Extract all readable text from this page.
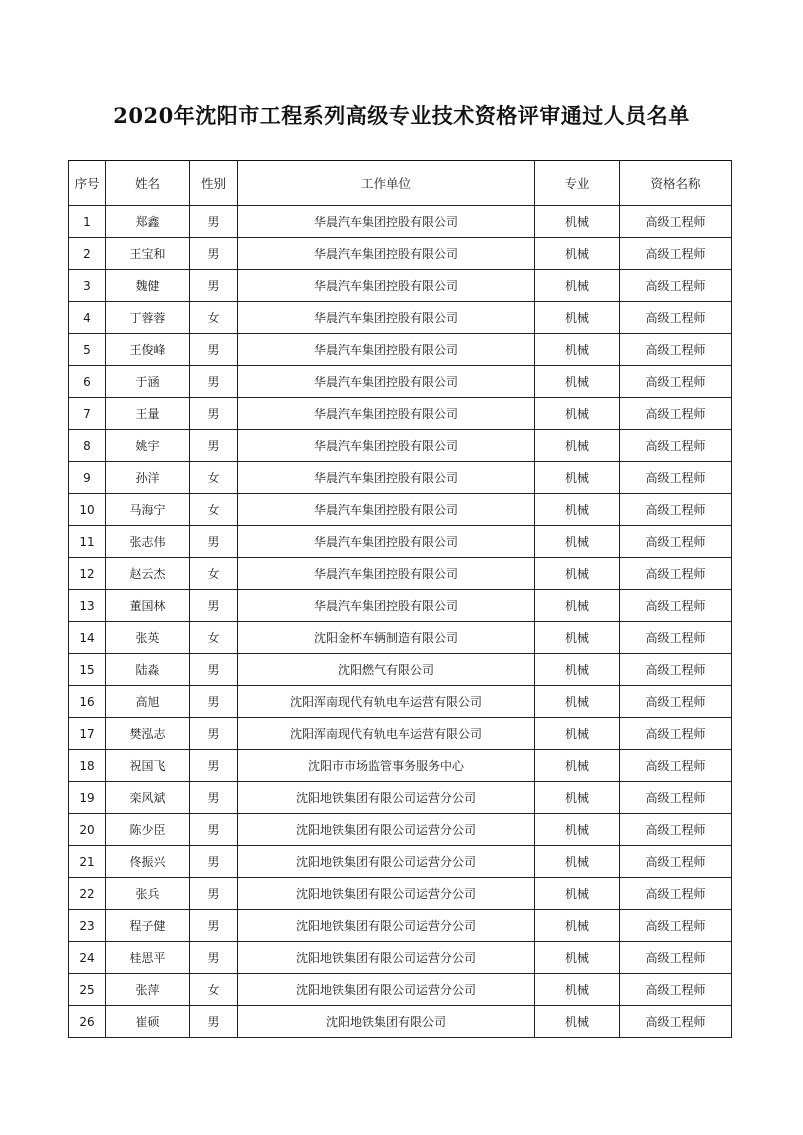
2020年沈阳市工程系列高级专业技术资格评审通过人员名单
序号	姓名	性别	工作单位	专业	资格名称
1	郑鑫	男	华晨汽车集团控股有限公司	机械	高级工程师
2	王宝和	男	华晨汽车集团控股有限公司	机械	高级工程师
3	魏健	男	华晨汽车集团控股有限公司	机械	高级工程师
4	丁蓉蓉	女	华晨汽车集团控股有限公司	机械	高级工程师
5	王俊峰	男	华晨汽车集团控股有限公司	机械	高级工程师
6	于涵	男	华晨汽车集团控股有限公司	机械	高级工程师
7	王量	男	华晨汽车集团控股有限公司	机械	高级工程师
8	姚宇	男	华晨汽车集团控股有限公司	机械	高级工程师
9	孙洋	女	华晨汽车集团控股有限公司	机械	高级工程师
10	马海宁	女	华晨汽车集团控股有限公司	机械	高级工程师
11	张志伟	男	华晨汽车集团控股有限公司	机械	高级工程师
12	赵云杰	女	华晨汽车集团控股有限公司	机械	高级工程师
13	董国林	男	华晨汽车集团控股有限公司	机械	高级工程师
14	张英	女	沈阳金杯车辆制造有限公司	机械	高级工程师
15	陆淼	男	沈阳燃气有限公司	机械	高级工程师
16	高旭	男	沈阳浑南现代有轨电车运营有限公司	机械	高级工程师
17	樊泓志	男	沈阳浑南现代有轨电车运营有限公司	机械	高级工程师
18	祝国飞	男	沈阳市市场监管事务服务中心	机械	高级工程师
19	栾风斌	男	沈阳地铁集团有限公司运营分公司	机械	高级工程师
20	陈少臣	男	沈阳地铁集团有限公司运营分公司	机械	高级工程师
21	佟振兴	男	沈阳地铁集团有限公司运营分公司	机械	高级工程师
22	张兵	男	沈阳地铁集团有限公司运营分公司	机械	高级工程师
23	程子健	男	沈阳地铁集团有限公司运营分公司	机械	高级工程师
24	桂思平	男	沈阳地铁集团有限公司运营分公司	机械	高级工程师
25	张萍	女	沈阳地铁集团有限公司运营分公司	机械	高级工程师
26	崔硕	男	沈阳地铁集团有限公司	机械	高级工程师
